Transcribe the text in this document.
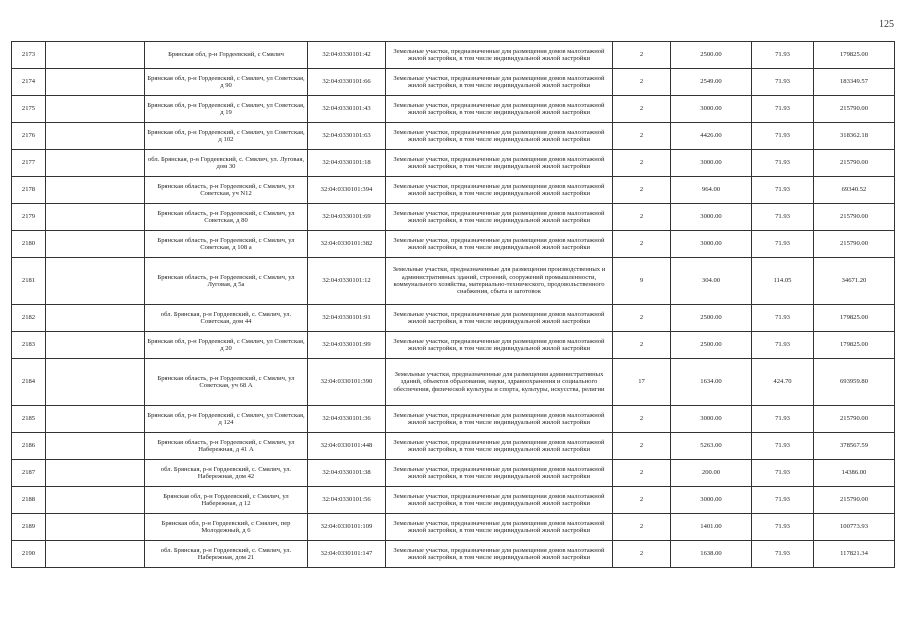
125
2173		Брянская обл, р-н Гордеевский, с Смялич	32:04:0330101:42	Земельные участки, предназначенные для размещения домов малоэтажной жилой застройки, в том числе индивидуальной жилой застройки	2	2500.00	71.93	179825.00
2174		Брянская обл, р-н Гордеевский, с Смялич, ул Советская, д 90	32:04:0330101:66	Земельные участки, предназначенные для размещения домов малоэтажной жилой застройки, в том числе индивидуальной жилой застройки	2	2549.00	71.93	183349.57
2175		Брянская обл, р-н Гордеевский, с Смялич, ул Советская, д 19	32:04:0330101:43	Земельные участки, предназначенные для размещения домов малоэтажной жилой застройки, в том числе индивидуальной жилой застройки	2	3000.00	71.93	215790.00
2176		Брянская обл, р-н Гордеевский, с Смялич, ул Советская, д 102	32:04:0330101:63	Земельные участки, предназначенные для размещения домов малоэтажной жилой застройки, в том числе индивидуальной жилой застройки	2	4426.00	71.93	318362.18
2177		обл. Брянская, р-н Гордеевский, с. Смялич, ул. Луговая, дом 30	32:04:0330101:18	Земельные участки, предназначенные для размещения домов малоэтажной жилой застройки, в том числе индивидуальной жилой застройки	2	3000.00	71.93	215790.00
2178		Брянская область, р-н Гордеевский, с Смялич, ул Советская, уч N12	32:04:0330101:394	Земельные участки, предназначенные для размещения домов малоэтажной жилой застройки, в том числе индивидуальной жилой застройки	2	964.00	71.93	69340.52
2179		Брянская область, р-н Гордеевский, с Смялич, ул Советская, д 80	32:04:0330101:69	Земельные участки, предназначенные для размещения домов малоэтажной жилой застройки, в том числе индивидуальной жилой застройки	2	3000.00	71.93	215790.00
2180		Брянская область, р-н Гордеевский, с Смялич, ул Советская, д 108 а	32:04:0330101:382	Земельные участки, предназначенные для размещения домов малоэтажной жилой застройки, в том числе индивидуальной жилой застройки	2	3000.00	71.93	215790.00
2181		Брянская область, р-н Гордеевский, с Смялич, ул Луговая, д 5а	32:04:0330101:12	Земельные участки, предназначенные для размещения производственных и административных зданий, строений, сооружений промышленности, коммунального хозяйства, материально-технического, продовольственного снабжения, сбыта и заготовок	9	304.00	114.05	34671.20
2182		обл. Брянская, р-н Гордеевский, с. Смялич, ул. Советская, дом 44	32:04:0330101:91	Земельные участки, предназначенные для размещения домов малоэтажной жилой застройки, в том числе индивидуальной жилой застройки	2	2500.00	71.93	179825.00
2183		Брянская обл, р-н Гордеевский, с Смялич, ул Советская, д 20	32:04:0330101:99	Земельные участки, предназначенные для размещения домов малоэтажной жилой застройки, в том числе индивидуальной жилой застройки	2	2500.00	71.93	179825.00
2184		Брянская область, р-н Гордеевский, с Смялич, ул Советская, уч 68 А	32:04:0330101:390	Земельные участки, предназначенные для размещения административных зданий, объектов образования, науки, здравоохранения и социального обеспечения, физической культуры и спорта, культуры, искусства, религии	17	1634.00	424.70	693959.80
2185		Брянская обл, р-н Гордеевский, с Смялич, ул Советская, д 124	32:04:0330101:36	Земельные участки, предназначенные для размещения домов малоэтажной жилой застройки, в том числе индивидуальной жилой застройки	2	3000.00	71.93	215790.00
2186		Брянская область, р-н Гордеевский, с Смялич, ул Набережная, д 41 А	32:04:0330101:448	Земельные участки, предназначенные для размещения домов малоэтажной жилой застройки, в том числе индивидуальной жилой застройки	2	5263.00	71.93	378567.59
2187		обл. Брянская, р-н Гордеевский, с. Смялич, ул. Набережная, дом 42	32:04:0330101:38	Земельные участки, предназначенные для размещения домов малоэтажной жилой застройки, в том числе индивидуальной жилой застройки	2	200.00	71.93	14386.00
2188		Брянская обл, р-н Гордеевский, с Смялич, ул Набережная, д 12	32:04:0330101:56	Земельные участки, предназначенные для размещения домов малоэтажной жилой застройки, в том числе индивидуальной жилой застройки	2	3000.00	71.93	215790.00
2189		Брянская обл, р-н Гордеевский, с Смялич, пер Молодежный, д 6	32:04:0330101:109	Земельные участки, предназначенные для размещения домов малоэтажной жилой застройки, в том числе индивидуальной жилой застройки	2	1401.00	71.93	100773.93
2190		обл. Брянская, р-н Гордеевский, с. Смялич, ул. Набережная, дом 21	32:04:0330101:147	Земельные участки, предназначенные для размещения домов малоэтажной жилой застройки, в том числе индивидуальной жилой застройки	2	1638.00	71.93	117821.34
